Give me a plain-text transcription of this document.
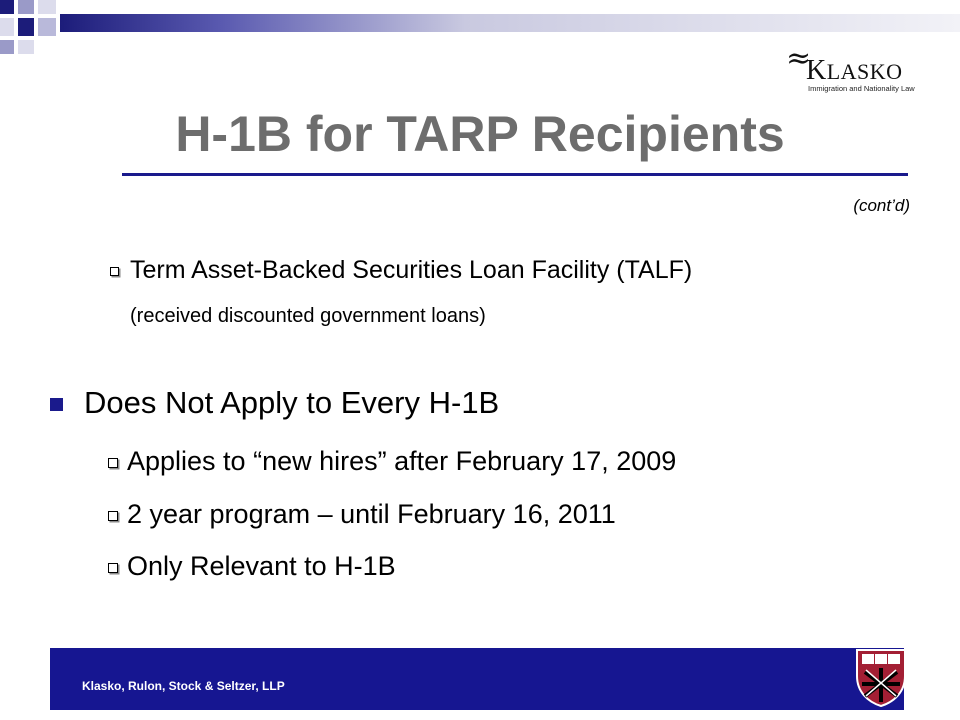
≈
KLASKO
Immigration and Nationality Law
H-1B for TARP Recipients
(cont’d)
Term Asset-Backed Securities Loan Facility (TALF)
(received discounted government loans)
Does Not Apply to Every H-1B
Applies to “new hires” after February 17, 2009
2 year program – until February 16, 2011
Only Relevant to H-1B
Klasko, Rulon, Stock & Seltzer, LLP
